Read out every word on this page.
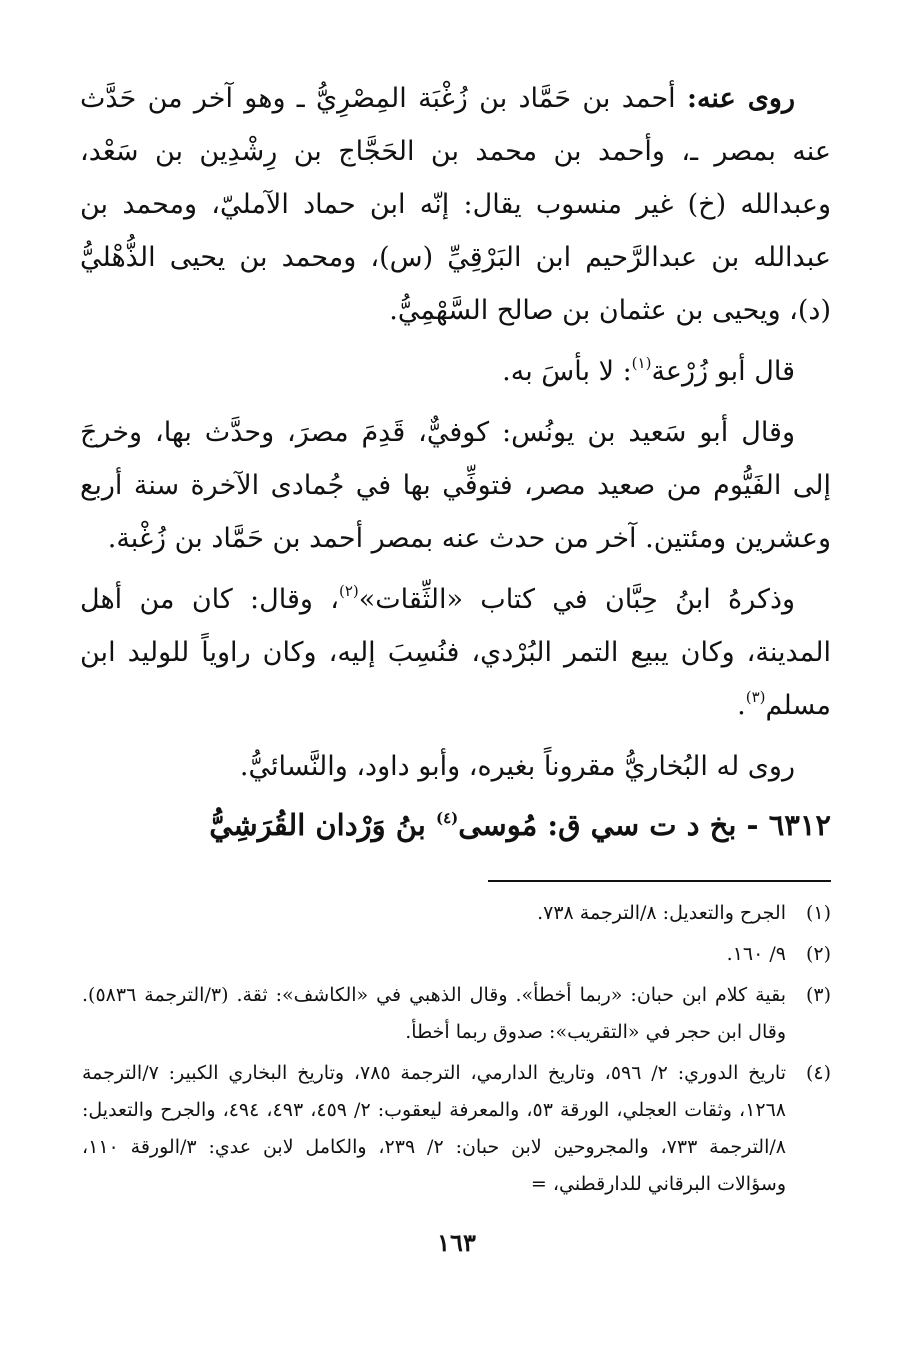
روى عنه: أحمد بن حَمَّاد بن زُغْبَة المِصْرِيُّ ـ وهو آخر من حَدَّث عنه بمصر ـ، وأحمد بن محمد بن الحَجَّاج بن رِشْدِين بن سَعْد، وعبدالله (خ) غير منسوب يقال: إنّه ابن حماد الآمليّ، ومحمد بن عبدالله بن عبدالرَّحيم ابن البَرْقِيِّ (س)، ومحمد بن يحيى الذُّهْليُّ (د)، ويحيى بن عثمان بن صالح السَّهْمِيُّ.

قال أبو زُرْعة$^{(١)}$: لا بأسَ به.

وقال أبو سَعيد بن يونُس: كوفيٌّ، قَدِمَ مصرَ، وحدَّث بها، وخرجَ إلى الفَيُّوم من صعيد مصر، فتوفِّي بها في جُمادى الآخرة سنة أربع وعشرين ومئتين. آخر من حدث عنه بمصر أحمد بن حَمَّاد بن زُغْبة.

وذكرهُ ابنُ حِبَّان في كتاب «الثِّقات»$^{(٢)}$، وقال: كان من أهل المدينة، وكان يبيع التمر البُرْدي، فنُسِبَ إليه، وكان راوياً للوليد ابن مسلم$^{(٣)}$.

روى له البُخاريُّ مقروناً بغيره، وأبو داود، والنَّسائيُّ.

٦٣١٢ - بخ د ت سي ق: مُوسى$^{(٤)}$ بنُ وَرْدان القُرَشِيُّ
(١)
الجرح والتعديل: ٨/الترجمة ٧٣٨.
(٢)
٩/ ١٦٠.
(٣)
بقية كلام ابن حبان: «ربما أخطأ». وقال الذهبي في «الكاشف»: ثقة. (٣/الترجمة ٥٨٣٦). وقال ابن حجر في «التقريب»: صدوق ربما أخطأ.
(٤)
تاريخ الدوري: ٢/ ٥٩٦، وتاريخ الدارمي، الترجمة ٧٨٥، وتاريخ البخاري الكبير: ٧/الترجمة ١٢٦٨، وثقات العجلي، الورقة ٥٣، والمعرفة ليعقوب: ٢/ ٤٥٩، ٤٩٣، ٤٩٤، والجرح والتعديل: ٨/الترجمة ٧٣٣، والمجروحين لابن حبان: ٢/ ٢٣٩، والكامل لابن عدي: ٣/الورقة ١١٠، وسؤالات البرقاني للدارقطني، =
١٦٣
